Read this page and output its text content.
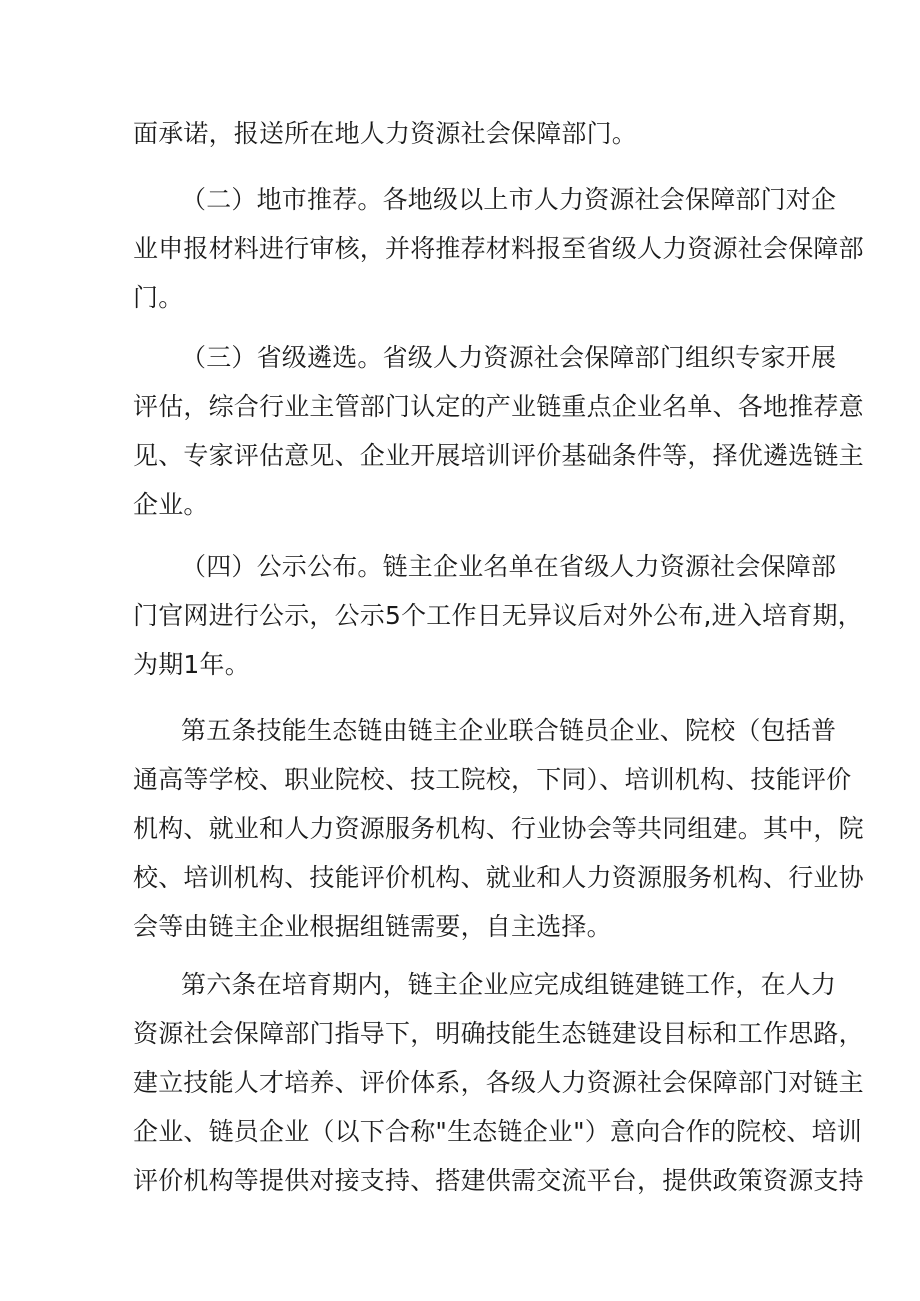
面承诺，报送所在地人力资源社会保障部门。
（二）地市推荐。各地级以上市人力资源社会保障部门对企
业申报材料进行审核，并将推荐材料报至省级人力资源社会保障部
门。
（三）省级遴选。省级人力资源社会保障部门组织专家开展
评估，综合行业主管部门认定的产业链重点企业名单、各地推荐意
见、专家评估意见、企业开展培训评价基础条件等，择优遴选链主
企业。
（四）公示公布。链主企业名单在省级人力资源社会保障部
门官网进行公示，公示5个工作日无异议后对外公布,进入培育期，
为期1年。
第五条技能生态链由链主企业联合链员企业、院校（包括普
通高等学校、职业院校、技工院校，下同）、培训机构、技能评价
机构、就业和人力资源服务机构、行业协会等共同组建。其中，院
校、培训机构、技能评价机构、就业和人力资源服务机构、行业协
会等由链主企业根据组链需要，自主选择。
第六条在培育期内，链主企业应完成组链建链工作，在人力
资源社会保障部门指导下，明确技能生态链建设目标和工作思路，
建立技能人才培养、评价体系，各级人力资源社会保障部门对链主
企业、链员企业（以下合称"生态链企业"）意向合作的院校、培训
评价机构等提供对接支持、搭建供需交流平台，提供政策资源支持
